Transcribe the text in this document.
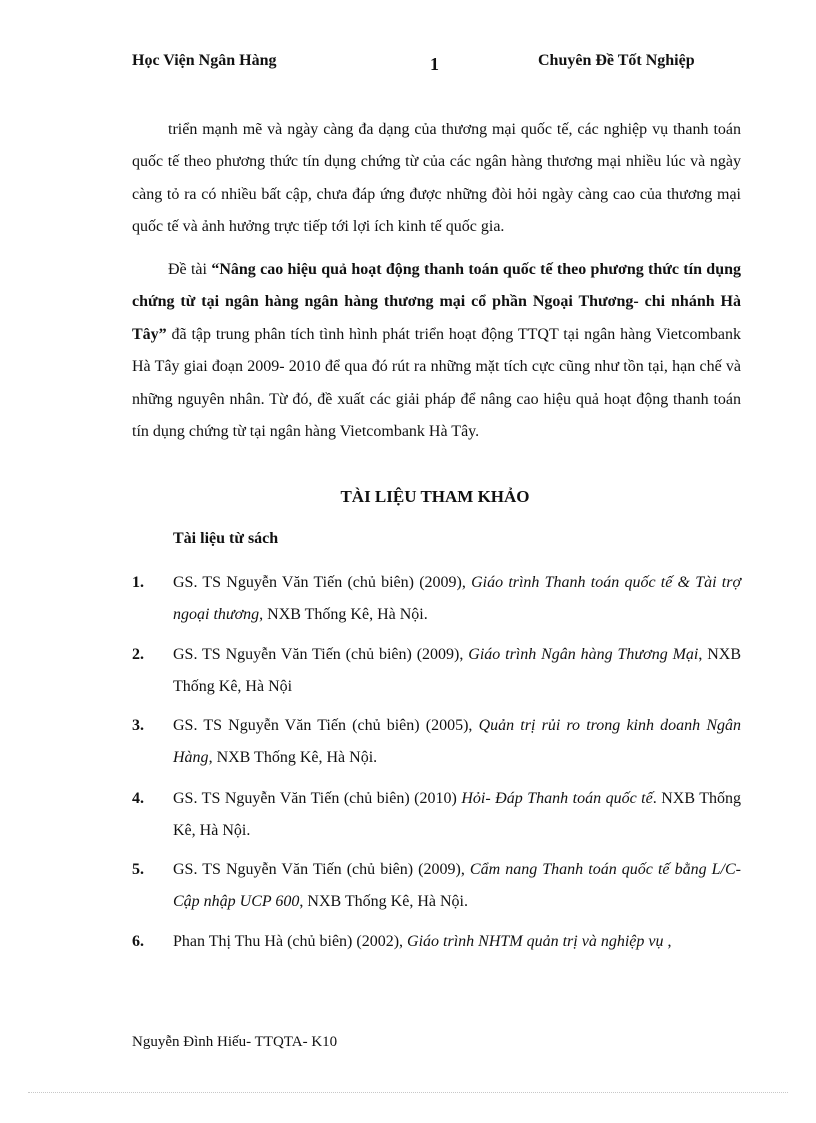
Học Viện Ngân Hàng	1	Chuyên Đề Tốt Nghiệp
triển mạnh mẽ và ngày càng đa dạng của thương mại quốc tế, các nghiệp vụ thanh toán quốc tế theo phương thức tín dụng chứng từ của các ngân hàng thương mại nhiều lúc và ngày càng tỏ ra có nhiều bất cập, chưa đáp ứng được những đòi hỏi ngày càng cao của thương mại quốc tế và ảnh hưởng trực tiếp tới lợi ích kinh tế quốc gia.
Đề tài “Nâng cao hiệu quả hoạt động thanh toán quốc tế theo phương thức tín dụng chứng từ tại ngân hàng ngân hàng thương mại cổ phần Ngoại Thương- chi nhánh Hà Tây” đã tập trung phân tích tình hình phát triển hoạt động TTQT tại ngân hàng Vietcombank Hà Tây giai đoạn 2009- 2010 để qua đó rút ra những mặt tích cực cũng như tồn tại, hạn chế và những nguyên nhân. Từ đó, đề xuất các giải pháp để nâng cao hiệu quả hoạt động thanh toán tín dụng chứng từ tại ngân hàng Vietcombank Hà Tây.
TÀI LIỆU THAM KHẢO
Tài liệu từ sách
1. GS. TS Nguyễn Văn Tiến (chủ biên) (2009), Giáo trình Thanh toán quốc tế & Tài trợ ngoại thương, NXB Thống Kê, Hà Nội.
2. GS. TS Nguyễn Văn Tiến (chủ biên) (2009), Giáo trình Ngân hàng Thương Mại, NXB Thống Kê, Hà Nội
3. GS. TS Nguyễn Văn Tiến (chủ biên) (2005), Quản trị rủi ro trong kinh doanh Ngân Hàng, NXB Thống Kê, Hà Nội.
4. GS. TS Nguyễn Văn Tiến (chủ biên) (2010) Hỏi- Đáp Thanh toán quốc tế. NXB Thống Kê, Hà Nội.
5. GS. TS Nguyễn Văn Tiến (chủ biên) (2009), Cẩm nang Thanh toán quốc tế bằng L/C- Cập nhập UCP 600, NXB Thống Kê, Hà Nội.
6. Phan Thị Thu Hà (chủ biên) (2002), Giáo trình NHTM quản trị và nghiệp vụ ,
Nguyễn Đình Hiếu- TTQTA- K10
